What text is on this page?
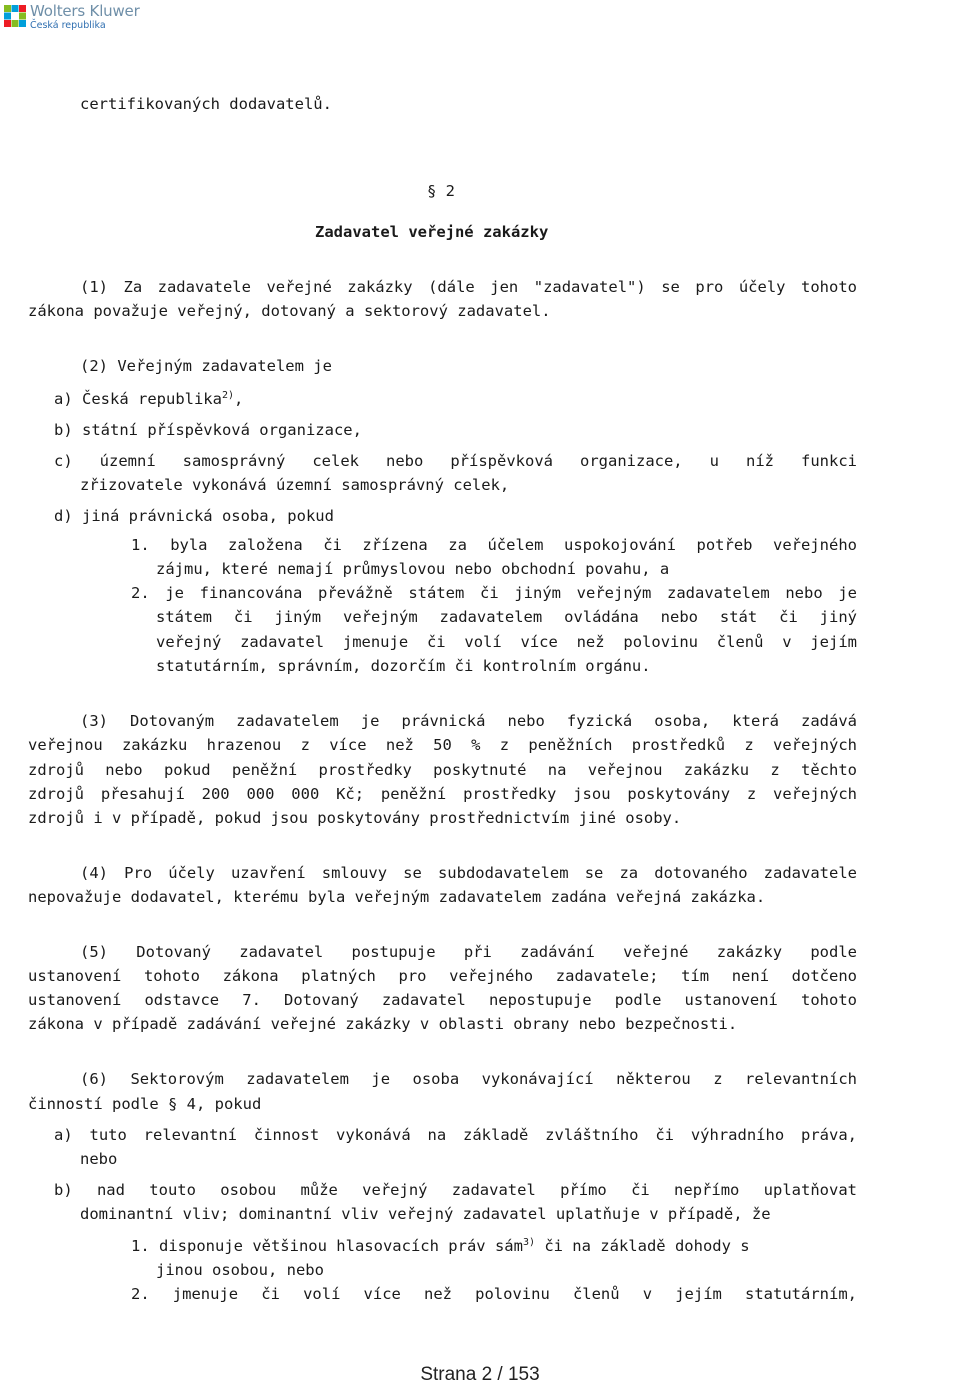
Wolters Kluwer
Česká republika
certifikovaných dodavatelů.
§ 2
Zadavatel veřejné zakázky
(1) Za zadavatele veřejné zakázky (dále jen "zadavatel") se pro účely tohoto
zákona považuje veřejný, dotovaný a sektorový zadavatel.
(2) Veřejným zadavatelem je
a) Česká republika$^{2)}$,
b) státní příspěvková organizace,
c) územní samosprávný celek nebo příspěvková organizace, u níž funkci
zřizovatele vykonává územní samosprávný celek,
d) jiná právnická osoba, pokud
1. byla založena či zřízena za účelem uspokojování potřeb veřejného
zájmu, které nemají průmyslovou nebo obchodní povahu, a
2. je financována převážně státem či jiným veřejným zadavatelem nebo je
státem či jiným veřejným zadavatelem ovládána nebo stát či jiný
veřejný zadavatel jmenuje či volí více než polovinu členů v jejím
statutárním, správním, dozorčím či kontrolním orgánu.
(3) Dotovaným zadavatelem je právnická nebo fyzická osoba, která zadává
veřejnou zakázku hrazenou z více než 50 % z peněžních prostředků z veřejných
zdrojů nebo pokud peněžní prostředky poskytnuté na veřejnou zakázku z těchto
zdrojů přesahují 200 000 000 Kč; peněžní prostředky jsou poskytovány z veřejných
zdrojů i v případě, pokud jsou poskytovány prostřednictvím jiné osoby.
(4) Pro účely uzavření smlouvy se subdodavatelem se za dotovaného zadavatele
nepovažuje dodavatel, kterému byla veřejným zadavatelem zadána veřejná zakázka.
(5) Dotovaný zadavatel postupuje při zadávání veřejné zakázky podle
ustanovení tohoto zákona platných pro veřejného zadavatele; tím není dotčeno
ustanovení odstavce 7. Dotovaný zadavatel nepostupuje podle ustanovení tohoto
zákona v případě zadávání veřejné zakázky v oblasti obrany nebo bezpečnosti.
(6) Sektorovým zadavatelem je osoba vykonávající některou z relevantních
činností podle § 4, pokud
a) tuto relevantní činnost vykonává na základě zvláštního či výhradního práva,
nebo
b) nad touto osobou může veřejný zadavatel přímo či nepřímo uplatňovat
dominantní vliv; dominantní vliv veřejný zadavatel uplatňuje v případě, že
1. disponuje většinou hlasovacích práv sám$^{3)}$ či na základě dohody s
jinou osobou, nebo
2. jmenuje či volí více než polovinu členů v jejím statutárním,
Strana 2 / 153
